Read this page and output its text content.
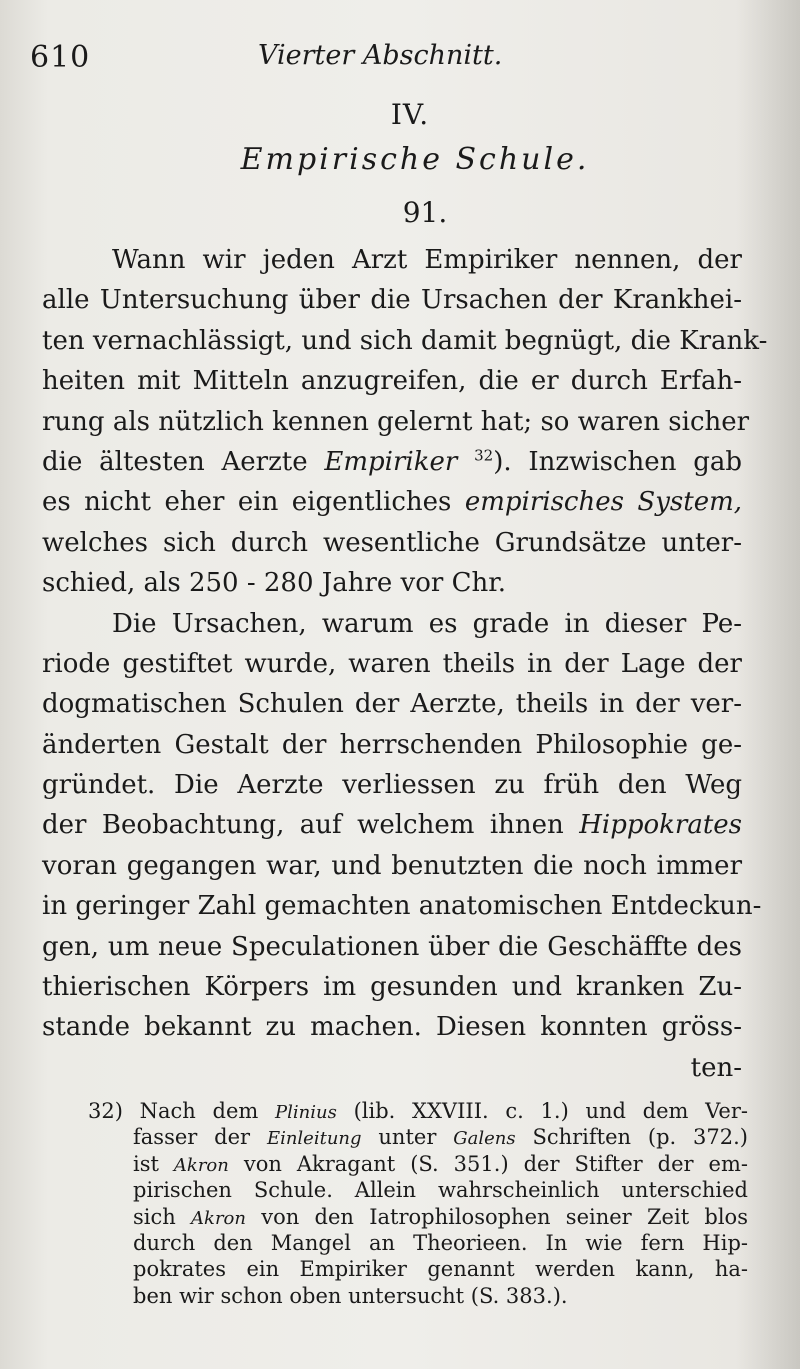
610	Vierter Abschnitt.
IV.
Empirische Schule.
91.
Wann wir jeden Arzt Empiriker nennen, der
alle Untersuchung über die Ursachen der Krankhei-
ten vernachlässigt, und sich damit begnügt, die Krank-
heiten mit Mitteln anzugreifen, die er durch Erfah-
rung als nützlich kennen gelernt hat; so waren sicher
die ältesten Aerzte Empiriker $^{32}$). Inzwischen gab
es nicht eher ein eigentliches empirisches System,
welches sich durch wesentliche Grundsätze unter-
schied, als 250 - 280 Jahre vor Chr.
Die Ursachen, warum es grade in dieser Pe-
riode gestiftet wurde, waren theils in der Lage der
dogmatischen Schulen der Aerzte, theils in der ver-
änderten Gestalt der herrschenden Philosophie ge-
gründet. Die Aerzte verliessen zu früh den Weg
der Beobachtung, auf welchem ihnen Hippokrates
voran gegangen war, und benutzten die noch immer
in geringer Zahl gemachten anatomischen Entdeckun-
gen, um neue Speculationen über die Geschäffte des
thierischen Körpers im gesunden und kranken Zu-
stande bekannt zu machen. Diesen konnten gröss-
ten-
32) Nach dem Plinius (lib. XXVIII. c. 1.) und dem Ver-
fasser der Einleitung unter Galens Schriften (p. 372.)
ist Akron von Akragant (S. 351.) der Stifter der em-
pirischen Schule. Allein wahrscheinlich unterschied
sich Akron von den Iatrophilosophen seiner Zeit blos
durch den Mangel an Theorieen. In wie fern Hip-
pokrates ein Empiriker genannt werden kann, ha-
ben wir schon oben untersucht (S. 383.).
